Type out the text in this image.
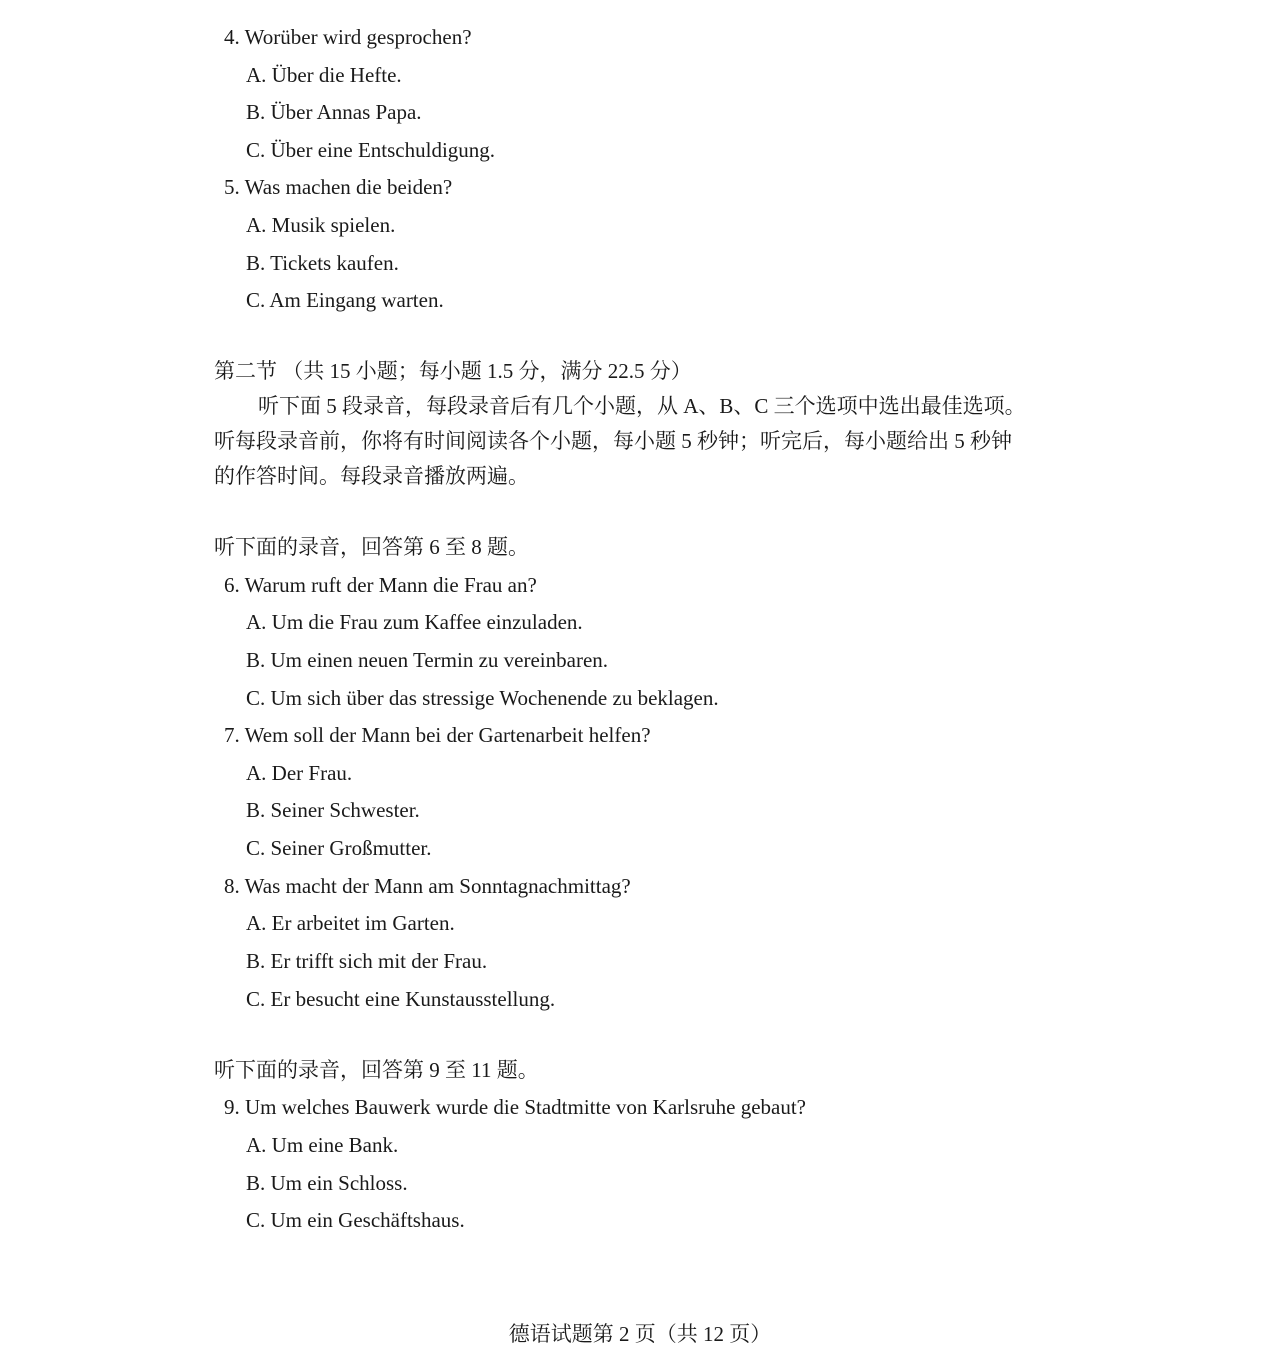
4. Worüber wird gesprochen?
A. Über die Hefte.
B. Über Annas Papa.
C. Über eine Entschuldigung.
5. Was machen die beiden?
A. Musik spielen.
B. Tickets kaufen.
C. Am Eingang warten.
第二节 （共 15 小题；每小题 1.5 分，满分 22.5 分）
听下面 5 段录音，每段录音后有几个小题，从 A、B、C 三个选项中选出最佳选项。
听每段录音前，你将有时间阅读各个小题，每小题 5 秒钟；听完后，每小题给出 5 秒钟
的作答时间。每段录音播放两遍。
听下面的录音，回答第 6 至 8 题。
6. Warum ruft der Mann die Frau an?
A. Um die Frau zum Kaffee einzuladen.
B. Um einen neuen Termin zu vereinbaren.
C. Um sich über das stressige Wochenende zu beklagen.
7. Wem soll der Mann bei der Gartenarbeit helfen?
A. Der Frau.
B. Seiner Schwester.
C. Seiner Großmutter.
8. Was macht der Mann am Sonntagnachmittag?
A. Er arbeitet im Garten.
B. Er trifft sich mit der Frau.
C. Er besucht eine Kunstausstellung.
听下面的录音，回答第 9 至 11 题。
9. Um welches Bauwerk wurde die Stadtmitte von Karlsruhe gebaut?
A. Um eine Bank.
B. Um ein Schloss.
C. Um ein Geschäftshaus.
德语试题第 2 页（共 12 页）
